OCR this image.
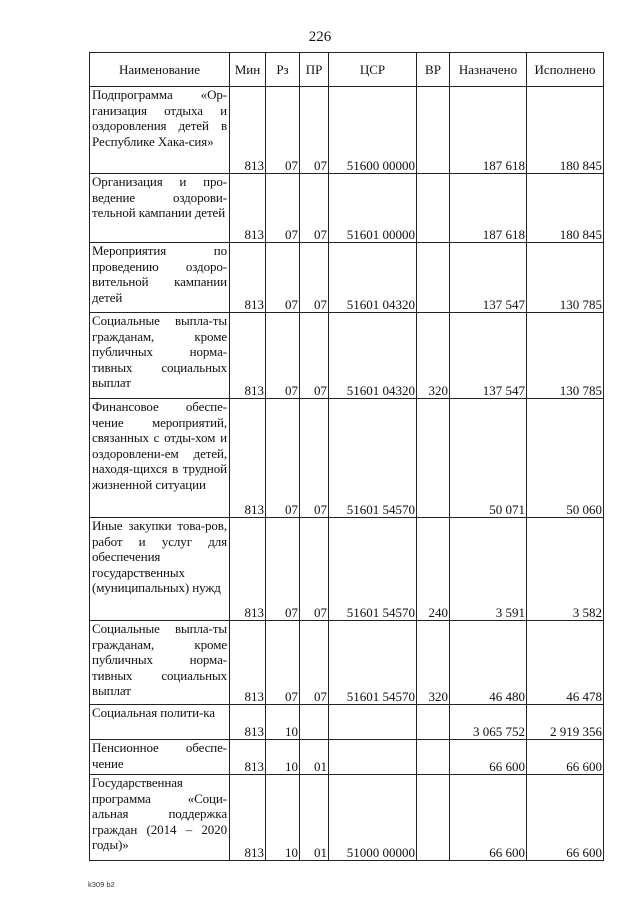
226
Наименование	Мин	Рз	ПР	ЦСР	ВР	Назначено	Исполнено

Подпрограмма «Ор-ганизация отдыха и оздоровления детей в Республике Хака-сия»	813	07	07	51600 00000		187 618	180 845

Организация и про-ведение оздорови-тельной кампании детей	813	07	07	51601 00000		187 618	180 845

Мероприятия по проведению оздоро-вительной кампании детей	813	07	07	51601 04320		137 547	130 785

Социальные выпла-ты гражданам, кроме публичных норма-тивных социальных выплат	813	07	07	51601 04320	320	137 547	130 785

Финансовое обеспе-чение мероприятий, связанных с отды-хом и оздоровлени-ем детей, находя-щихся в трудной жизненной ситуации	813	07	07	51601 54570		50 071	50 060

Иные закупки това-ров, работ и услуг для обеспечения государственных (муниципальных) нужд	813	07	07	51601 54570	240	3 591	3 582

Социальные выпла-ты гражданам, кроме публичных норма-тивных социальных выплат	813	07	07	51601 54570	320	46 480	46 478

Социальная полити-ка	813	10				3 065 752	2 919 356

Пенсионное обеспе-чение	813	10	01			66 600	66 600

Государственная программа «Соци-альная поддержка граждан (2014 – 2020 годы)»	813	10	01	51000 00000		66 600	66 600
k309 b2
